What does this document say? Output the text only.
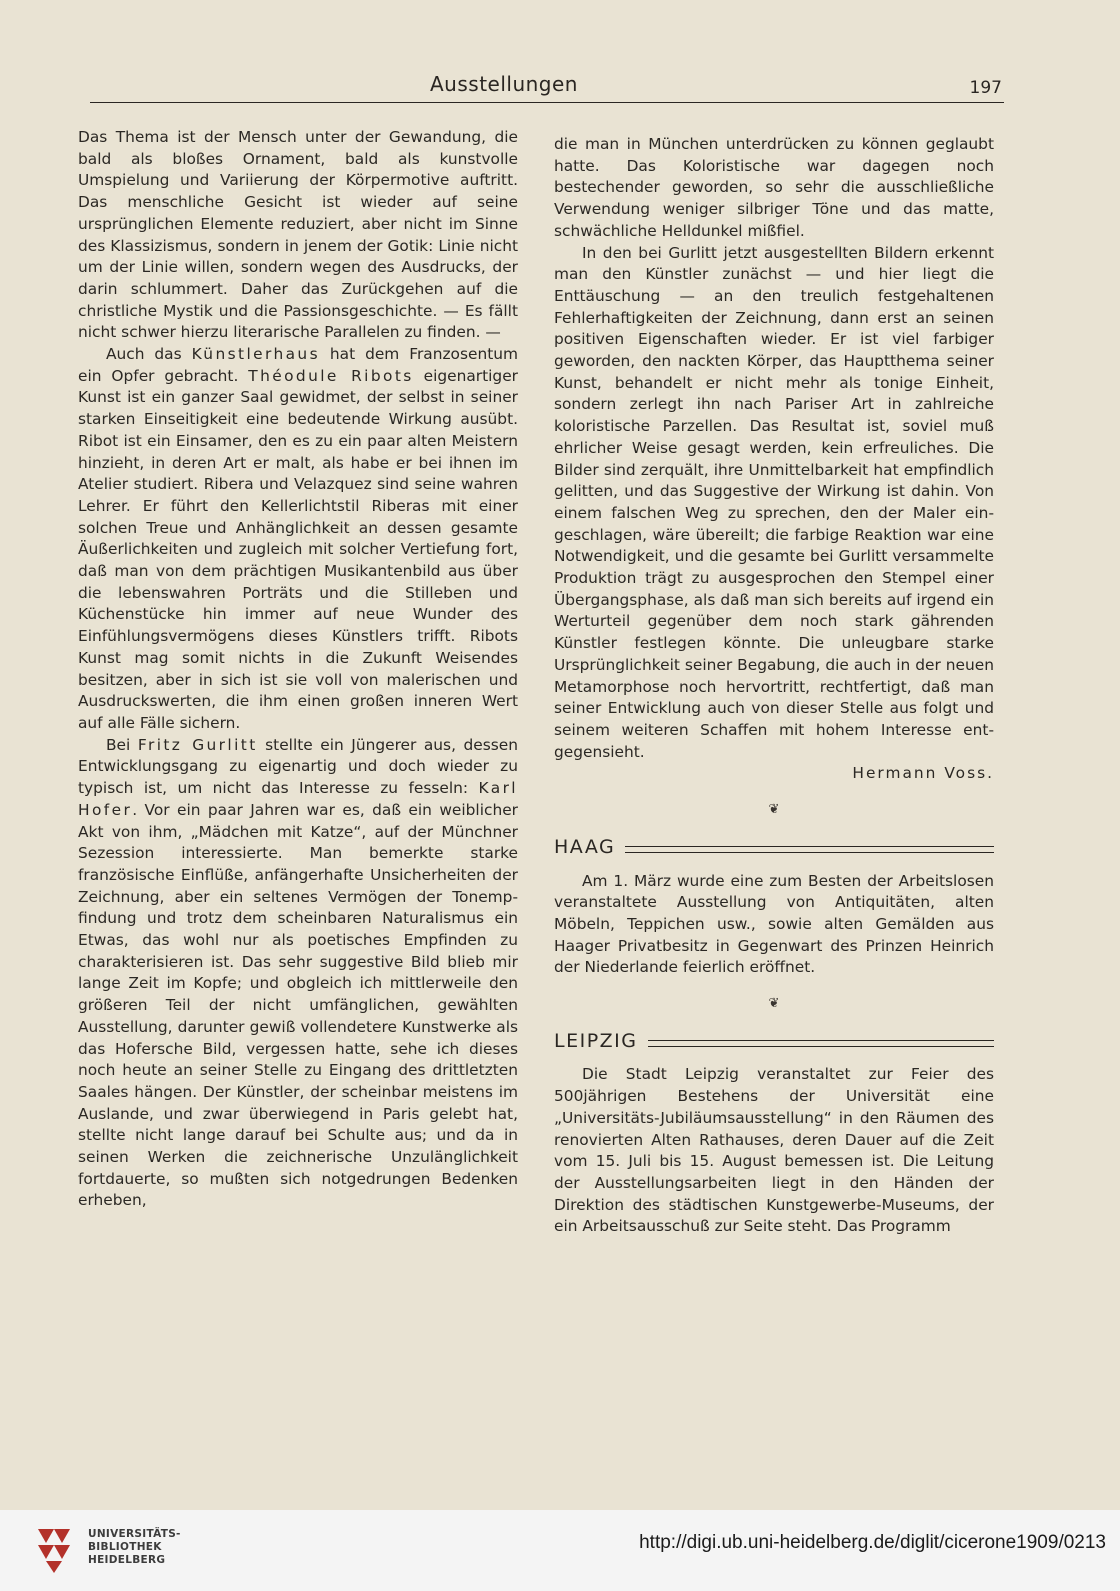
Ausstellungen	197

Das Thema ist der Mensch unter der Gewandung, die bald als bloßes Ornament, bald als kunstvolle Umspielung und Variierung der Körpermotive auftritt. Das menschliche Gesicht ist wieder auf seine ursprünglichen Elemente reduziert, aber nicht im Sinne des Klassizismus, sondern in jenem der Gotik: Linie nicht um der Linie willen, sondern wegen des Ausdrucks, der darin schlummert. Daher das Zurückgehen auf die christliche Mystik und die Passionsgeschichte. — Es fällt nicht schwer hierzu literarische Parallelen zu finden. —

Auch das Künstlerhaus hat dem Franzosentum ein Opfer gebracht. Théodule Ribots eigenartiger Kunst ist ein ganzer Saal gewidmet, der selbst in seiner starken Einseitigkeit eine bedeutende Wirkung ausübt. Ribot ist ein Einsamer, den es zu ein paar alten Meistern hinzieht, in deren Art er malt, als habe er bei ihnen im Atelier studiert. Ribera und Velazquez sind seine wahren Lehrer. Er führt den Kellerlichtstil Riberas mit einer solchen Treue und Anhänglichkeit an dessen gesamte Äußerlichkeiten und zugleich mit solcher Vertiefung fort, daß man von dem prächtigen Musikantenbild aus über die lebenswahren Porträts und die Stilleben und Küchenstücke hin immer auf neue Wunder des Einfühlungsvermögens dieses Künstlers trifft. Ribots Kunst mag somit nichts in die Zukunft Weisendes besitzen, aber in sich ist sie voll von malerischen und Ausdruckswerten, die ihm einen großen inneren Wert auf alle Fälle sichern.

Bei Fritz Gurlitt stellte ein Jüngerer aus, dessen Entwicklungsgang zu eigenartig und doch wieder zu typisch ist, um nicht das Interesse zu fesseln: Karl Hofer. Vor ein paar Jahren war es, daß ein weiblicher Akt von ihm, „Mädchen mit Katze“, auf der Münchner Sezession interessierte. Man bemerkte starke französische Einflüße, anfängerhafte Unsicherheiten der Zeichnung, aber ein seltenes Vermögen der Tonempfindung und trotz dem scheinbaren Naturalismus ein Etwas, das wohl nur als poetisches Empfinden zu charakterisieren ist. Das sehr suggestive Bild blieb mir lange Zeit im Kopfe; und obgleich ich mittlerweile den größeren Teil der nicht umfänglichen, gewählten Ausstellung, darunter gewiß vollendetere Kunstwerke als das Hofersche Bild, vergessen hatte, sehe ich dieses noch heute an seiner Stelle zu Eingang des drittletzten Saales hängen. Der Künstler, der scheinbar meistens im Auslande, und zwar überwiegend in Paris gelebt hat, stellte nicht lange darauf bei Schulte aus; und da in seinen Werken die zeichnerische Unzulänglichkeit fortdauerte, so mußten sich notgedrungen Bedenken erheben,

die man in München unterdrücken zu können geglaubt hatte. Das Koloristische war dagegen noch bestechender geworden, so sehr die ausschließliche Verwendung weniger silbriger Töne und das matte, schwächliche Helldunkel mißfiel.

In den bei Gurlitt jetzt ausgestellten Bildern erkennt man den Künstler zunächst — und hier liegt die Enttäuschung — an den treulich festgehaltenen Fehlerhaftigkeiten der Zeichnung, dann erst an seinen positiven Eigenschaften wieder. Er ist viel farbiger geworden, den nackten Körper, das Hauptthema seiner Kunst, behandelt er nicht mehr als tonige Einheit, sondern zerlegt ihn nach Pariser Art in zahlreiche koloristische Parzellen. Das Resultat ist, soviel muß ehrlicher Weise gesagt werden, kein erfreuliches. Die Bilder sind zerquält, ihre Unmittelbarkeit hat empfindlich gelitten, und das Suggestive der Wirkung ist dahin. Von einem falschen Weg zu sprechen, den der Maler eingeschlagen, wäre übereilt; die farbige Reaktion war eine Notwendigkeit, und die gesamte bei Gurlitt versammelte Produktion trägt zu ausgesprochen den Stempel einer Übergangsphase, als daß man sich bereits auf irgend ein Werturteil gegenüber dem noch stark gährenden Künstler festlegen könnte. Die unleugbare starke Ursprünglichkeit seiner Begabung, die auch in der neuen Metamorphose noch hervortritt, rechtfertigt, daß man seiner Entwicklung auch von dieser Stelle aus folgt und seinem weiteren Schaffen mit hohem Interesse entgegensieht.

Hermann Voss.

❦
HAAG

Am 1. März wurde eine zum Besten der Arbeitslosen veranstaltete Ausstellung von Antiquitäten, alten Möbeln, Teppichen usw., sowie alten Gemälden aus Haager Privatbesitz in Gegenwart des Prinzen Heinrich der Niederlande feierlich eröffnet.

❦
LEIPZIG

Die Stadt Leipzig veranstaltet zur Feier des 500jährigen Bestehens der Universität eine „Universitäts-Jubiläumsausstellung“ in den Räumen des renovierten Alten Rathauses, deren Dauer auf die Zeit vom 15. Juli bis 15. August bemessen ist. Die Leitung der Ausstellungsarbeiten liegt in den Händen der Direktion des städtischen Kunstgewerbe-Museums, der ein Arbeitsausschuß zur Seite steht. Das Programm

UNIVERSITÄTS-
BIBLIOTHEK
HEIDELBERG
http://digi.ub.uni-heidelberg.de/diglit/cicerone1909/0213
